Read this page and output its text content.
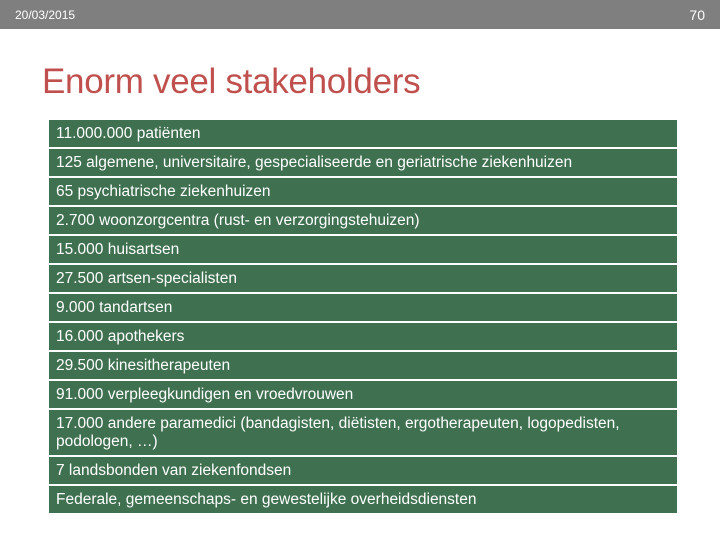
20/03/2015	70
Enorm veel stakeholders
11.000.000 patiënten
125 algemene, universitaire, gespecialiseerde en geriatrische ziekenhuizen
65 psychiatrische ziekenhuizen
2.700 woonzorgcentra (rust- en verzorgingstehuizen)
15.000 huisartsen
27.500 artsen-specialisten
9.000 tandartsen
16.000 apothekers
29.500 kinesitherapeuten
91.000 verpleegkundigen en vroedvrouwen
17.000 andere paramedici (bandagisten, diëtisten, ergotherapeuten, logopedisten, podologen, …)
7 landsbonden van ziekenfondsen
Federale, gemeenschaps- en gewestelijke overheidsdiensten
